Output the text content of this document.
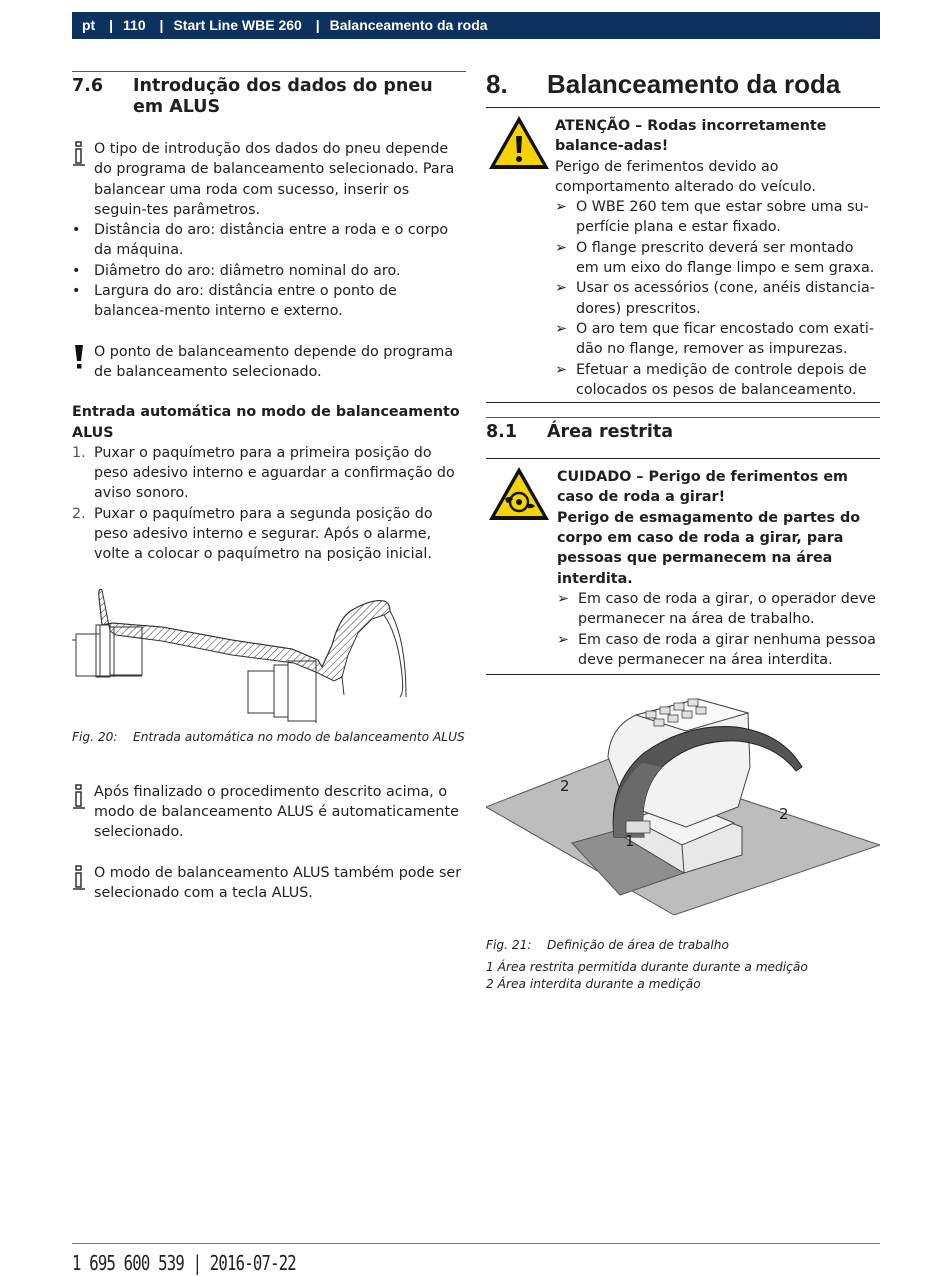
pt | 110 | Start Line WBE 260 | Balanceamento da roda
7.6	Introdução dos dados do pneu em ALUS

O tipo de introdução dos dados do pneu depende do programa de balanceamento selecionado. Para balancear uma roda com sucesso, inserir os seguin-tes parâmetros.

• Distância do aro: distância entre a roda e o corpo da máquina.
• Diâmetro do aro: diâmetro nominal do aro.
• Largura do aro: distância entre o ponto de balancea-mento interno e externo.

O ponto de balanceamento depende do programa de balanceamento selecionado.

Entrada automática no modo de balanceamento ALUS

1. Puxar o paquímetro para a primeira posição do peso adesivo interno e aguardar a confirmação do aviso sonoro.
2. Puxar o paquímetro para a segunda posição do peso adesivo interno e segurar. Após o alarme, volte a colocar o paquímetro na posição inicial.

Fig. 20: Entrada automática no modo de balanceamento ALUS

Após finalizado o procedimento descrito acima, o modo de balanceamento ALUS é automaticamente selecionado.

O modo de balanceamento ALUS também pode ser selecionado com a tecla ALUS.

8.	Balanceamento da roda

ATENÇÃO – Rodas incorretamente balance-adas!

Perigo de ferimentos devido ao comportamento alterado do veículo.

➢ O WBE 260 tem que estar sobre uma su-perfície plana e estar fixado.
➢ O flange prescrito deverá ser montado em um eixo do flange limpo e sem graxa.
➢ Usar os acessórios (cone, anéis distancia-dores) prescritos.
➢ O aro tem que ficar encostado com exati-dão no flange, remover as impurezas.
➢ Efetuar a medição de controle depois de colocados os pesos de balanceamento.
8.1	Área restrita

CUIDADO – Perigo de ferimentos em caso de roda a girar!

Perigo de esmagamento de partes do corpo em caso de roda a girar, para pessoas que permanecem na área interdita.

➢ Em caso de roda a girar, o operador deve permanecer na área de trabalho.
➢ Em caso de roda a girar nenhuma pessoa deve permanecer na área interdita.
2
2
1

Fig. 21: Definição de área de trabalho

1 Área restrita permitida durante durante a medição

2 Área interdita durante a medição

1 695 600 539 | 2016-07-22
